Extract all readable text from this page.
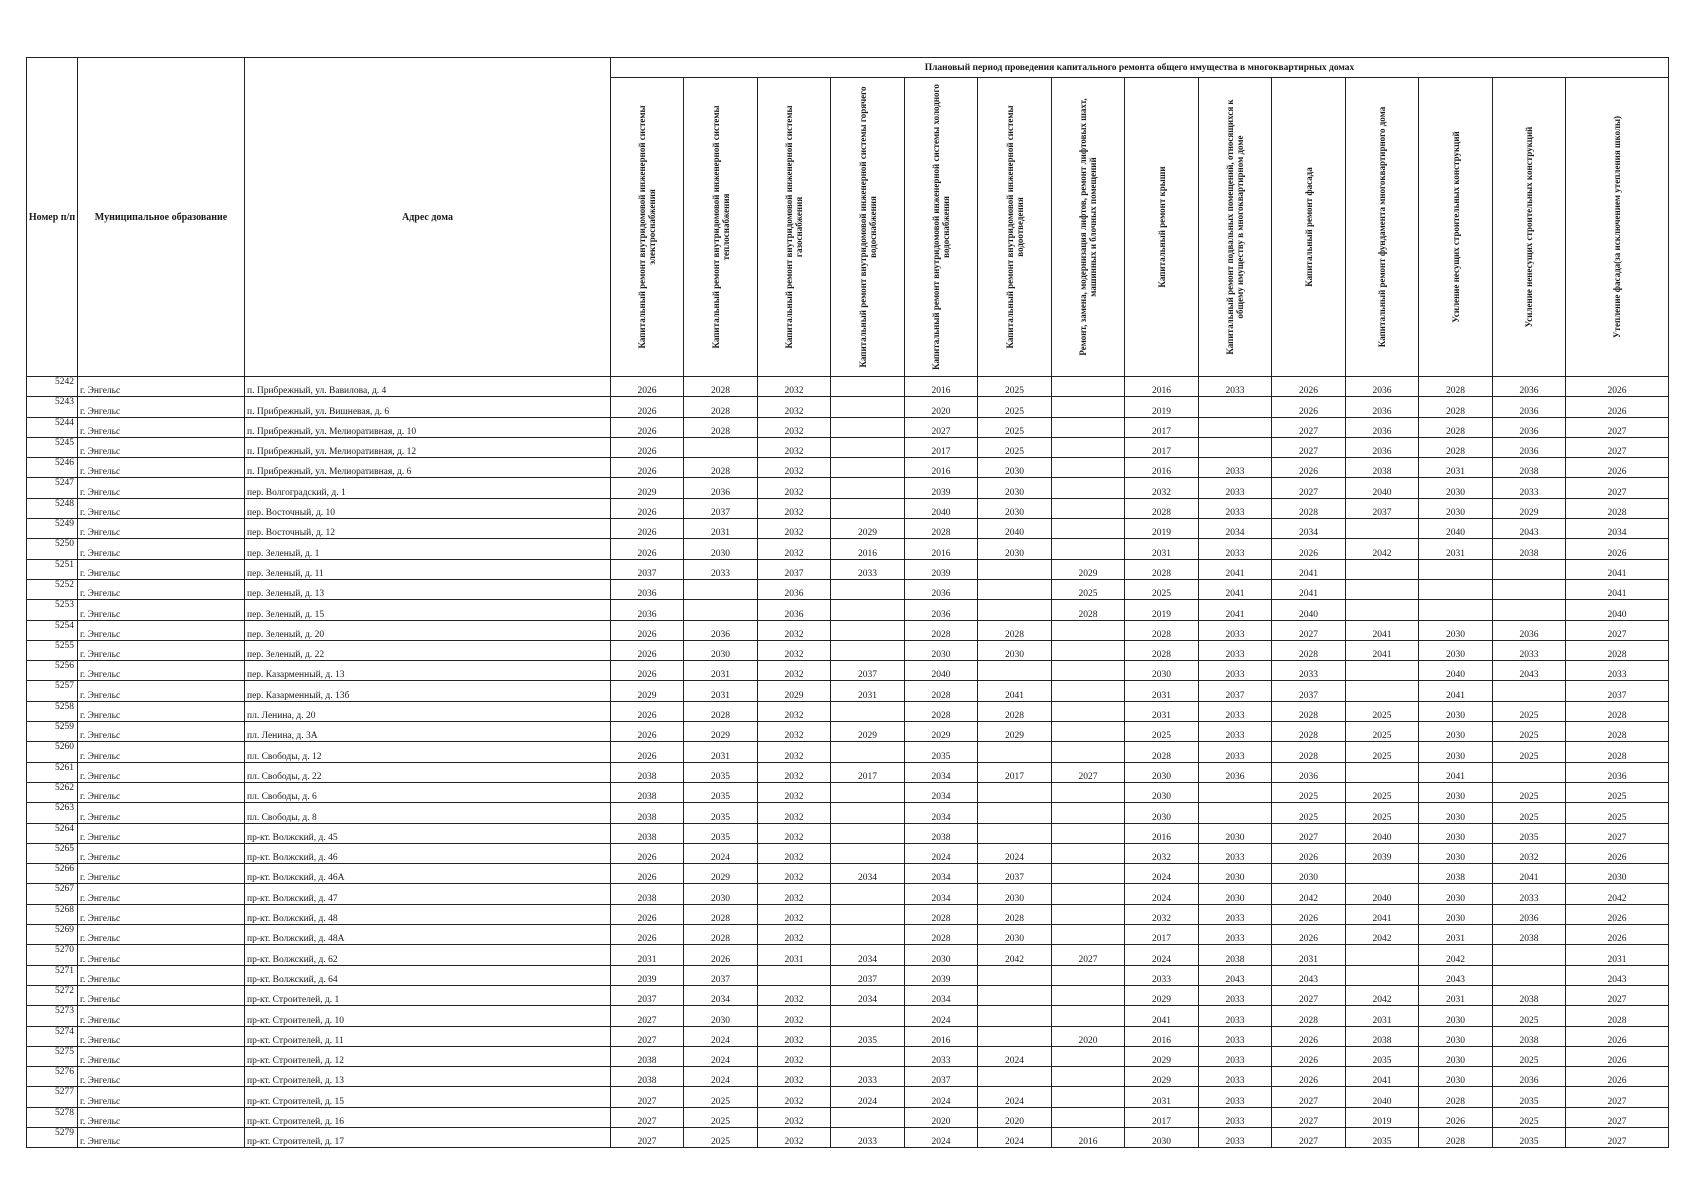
Номер п/п	Муниципальное образование	Адрес дома	Плановый период проведения капитального ремонта общего имущества в многоквартирных домах													

			Капитальный ремонт внутридомовой инженерной системы электроснабжения	Капитальный ремонт внутридомовой инженерной системы теплоснабжения	Капитальный ремонт внутридомовой инженерной системы газоснабжения	Капитальный ремонт внутридомовой инженерной системы горячего водоснабжения	Капитальный ремонт внутридомовой инженерной системы холодного водоснабжения	Капитальный ремонт внутридомовой инженерной системы водоотведения	Ремонт, замена, модернизация лифтов, ремонт лифтовых шахт, машинных и блочных помещений	Капитальный ремонт крыши	Капитальный ремонт подвальных помещений, относящихся к общему имуществу в многоквартирном доме	Капитальный ремонт фасада	Капитальный ремонт фундамента многоквартирного дома	Усиление несущих строительных конструкций	Усиление ненесущих строительных конструкций	Утепление фасада(за исключением утепления школы)

5242	г. Энгельс	п. Прибрежный, ул. Вавилова, д. 4	2026	2028	2032		2016	2025		2016	2033	2026	2036	2028	2036	2026
5243	г. Энгельс	п. Прибрежный, ул. Вишневая, д. 6	2026	2028	2032		2020	2025		2019		2026	2036	2028	2036	2026
5244	г. Энгельс	п. Прибрежный, ул. Мелиоративная, д. 10	2026	2028	2032		2027	2025		2017		2027	2036	2028	2036	2027
5245	г. Энгельс	п. Прибрежный, ул. Мелиоративная, д. 12	2026		2032		2017	2025		2017		2027	2036	2028	2036	2027
5246	г. Энгельс	п. Прибрежный, ул. Мелиоративная, д. 6	2026	2028	2032		2016	2030		2016	2033	2026	2038	2031	2038	2026
5247	г. Энгельс	пер. Волгоградский, д. 1	2029	2036	2032		2039	2030		2032	2033	2027	2040	2030	2033	2027
5248	г. Энгельс	пер. Восточный, д. 10	2026	2037	2032		2040	2030		2028	2033	2028	2037	2030	2029	2028
5249	г. Энгельс	пер. Восточный, д. 12	2026	2031	2032	2029	2028	2040		2019	2034	2034		2040	2043	2034
5250	г. Энгельс	пер. Зеленый, д. 1	2026	2030	2032	2016	2016	2030		2031	2033	2026	2042	2031	2038	2026
5251	г. Энгельс	пер. Зеленый, д. 11	2037	2033	2037	2033	2039		2029	2028	2041	2041				2041
5252	г. Энгельс	пер. Зеленый, д. 13	2036		2036		2036		2025	2025	2041	2041				2041
5253	г. Энгельс	пер. Зеленый, д. 15	2036		2036		2036		2028	2019	2041	2040				2040
5254	г. Энгельс	пер. Зеленый, д. 20	2026	2036	2032		2028	2028		2028	2033	2027	2041	2030	2036	2027
5255	г. Энгельс	пер. Зеленый, д. 22	2026	2030	2032		2030	2030		2028	2033	2028	2041	2030	2033	2028
5256	г. Энгельс	пер. Казарменный, д. 13	2026	2031	2032	2037	2040			2030	2033	2033		2040	2043	2033
5257	г. Энгельс	пер. Казарменный, д. 13б	2029	2031	2029	2031	2028	2041		2031	2037	2037		2041		2037
5258	г. Энгельс	пл. Ленина, д. 20	2026	2028	2032		2028	2028		2031	2033	2028	2025	2030	2025	2028
5259	г. Энгельс	пл. Ленина, д. 3А	2026	2029	2032	2029	2029	2029		2025	2033	2028	2025	2030	2025	2028
5260	г. Энгельс	пл. Свободы, д. 12	2026	2031	2032		2035			2028	2033	2028	2025	2030	2025	2028
5261	г. Энгельс	пл. Свободы, д. 22	2038	2035	2032	2017	2034	2017	2027	2030	2036	2036		2041		2036
5262	г. Энгельс	пл. Свободы, д. 6	2038	2035	2032		2034			2030		2025	2025	2030	2025	2025
5263	г. Энгельс	пл. Свободы, д. 8	2038	2035	2032		2034			2030		2025	2025	2030	2025	2025
5264	г. Энгельс	пр-кт. Волжский, д. 45	2038	2035	2032		2038			2016	2030	2027	2040	2030	2035	2027
5265	г. Энгельс	пр-кт. Волжский, д. 46	2026	2024	2032		2024	2024		2032	2033	2026	2039	2030	2032	2026
5266	г. Энгельс	пр-кт. Волжский, д. 46А	2026	2029	2032	2034	2034	2037		2024	2030	2030		2038	2041	2030
5267	г. Энгельс	пр-кт. Волжский, д. 47	2038	2030	2032		2034	2030		2024	2030	2042	2040	2030	2033	2042
5268	г. Энгельс	пр-кт. Волжский, д. 48	2026	2028	2032		2028	2028		2032	2033	2026	2041	2030	2036	2026
5269	г. Энгельс	пр-кт. Волжский, д. 48А	2026	2028	2032		2028	2030		2017	2033	2026	2042	2031	2038	2026
5270	г. Энгельс	пр-кт. Волжский, д. 62	2031	2026	2031	2034	2030	2042	2027	2024	2038	2031		2042		2031
5271	г. Энгельс	пр-кт. Волжский, д. 64	2039	2037		2037	2039			2033	2043	2043		2043		2043
5272	г. Энгельс	пр-кт. Строителей, д. 1	2037	2034	2032	2034	2034			2029	2033	2027	2042	2031	2038	2027
5273	г. Энгельс	пр-кт. Строителей, д. 10	2027	2030	2032		2024			2041	2033	2028	2031	2030	2025	2028
5274	г. Энгельс	пр-кт. Строителей, д. 11	2027	2024	2032	2035	2016		2020	2016	2033	2026	2038	2030	2038	2026
5275	г. Энгельс	пр-кт. Строителей, д. 12	2038	2024	2032		2033	2024		2029	2033	2026	2035	2030	2025	2026
5276	г. Энгельс	пр-кт. Строителей, д. 13	2038	2024	2032	2033	2037			2029	2033	2026	2041	2030	2036	2026
5277	г. Энгельс	пр-кт. Строителей, д. 15	2027	2025	2032	2024	2024	2024		2031	2033	2027	2040	2028	2035	2027
5278	г. Энгельс	пр-кт. Строителей, д. 16	2027	2025	2032		2020	2020		2017	2033	2027	2019	2026	2025	2027
5279	г. Энгельс	пр-кт. Строителей, д. 17	2027	2025	2032	2033	2024	2024	2016	2030	2033	2027	2035	2028	2035	2027
